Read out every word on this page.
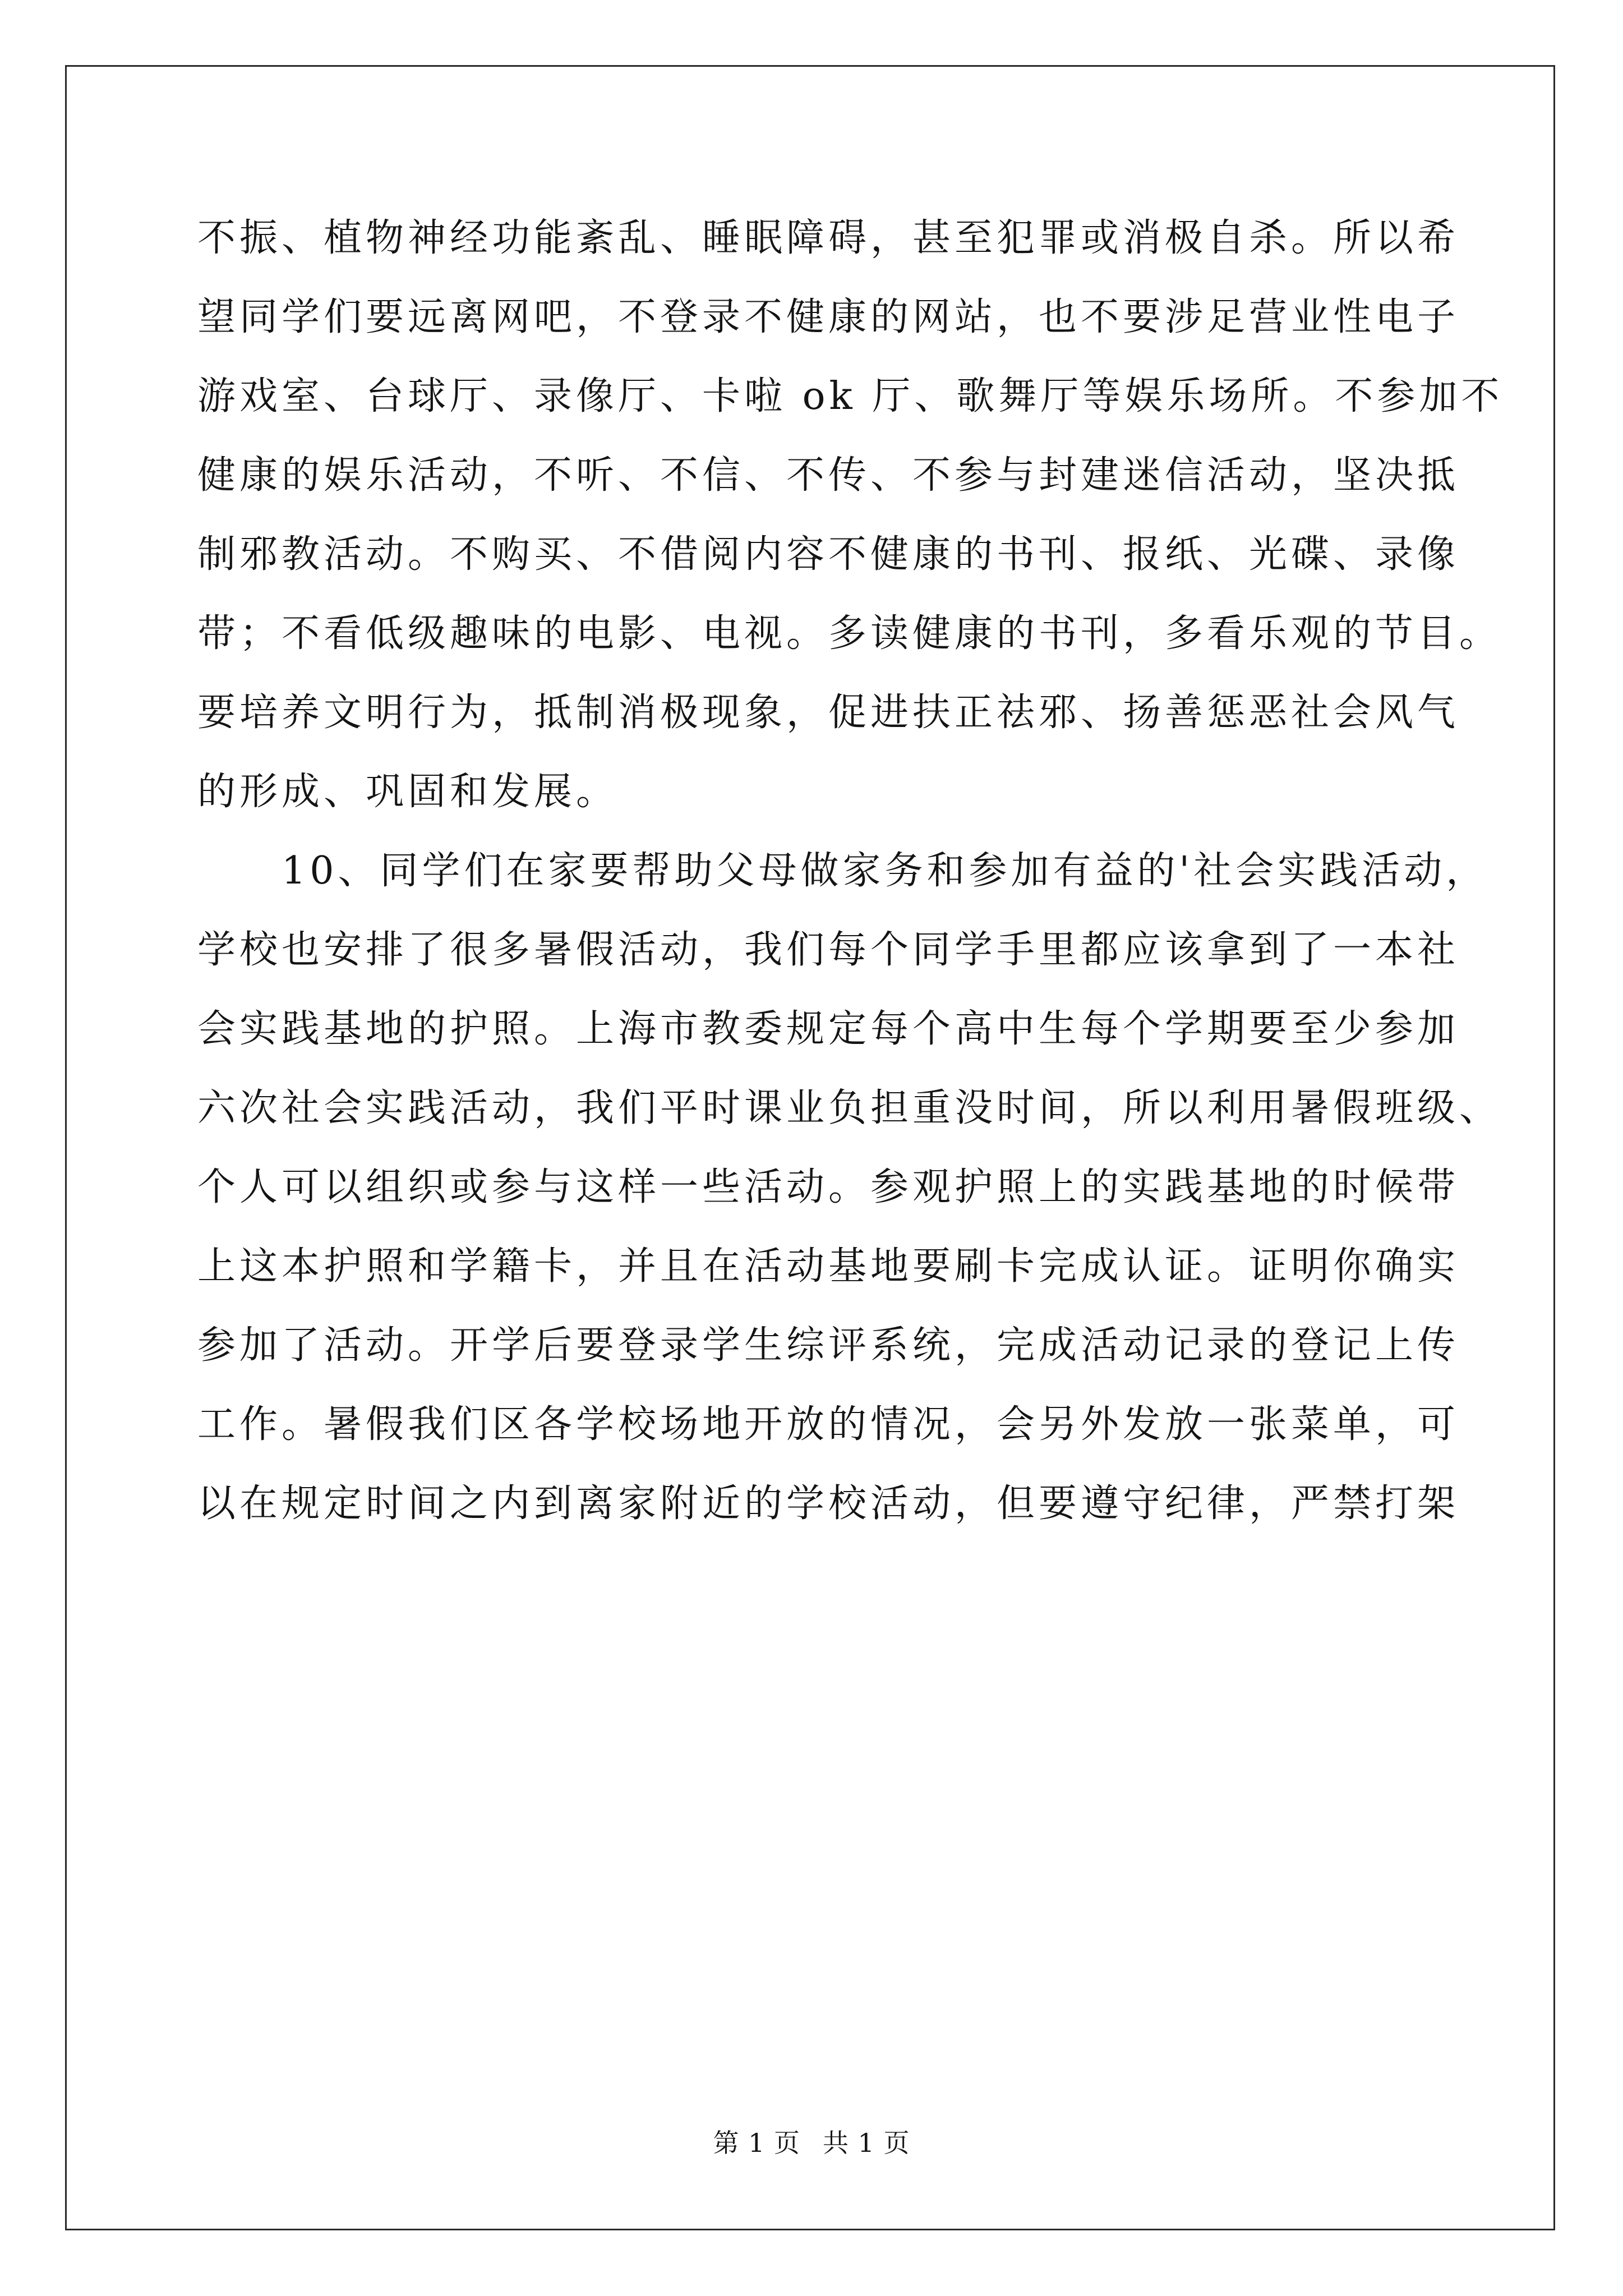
不振、植物神经功能紊乱、睡眠障碍，甚至犯罪或消极自杀。所以希
望同学们要远离网吧，不登录不健康的网站，也不要涉足营业性电子
游戏室、台球厅、录像厅、卡啦 ok 厅、歌舞厅等娱乐场所。不参加不
健康的娱乐活动，不听、不信、不传、不参与封建迷信活动，坚决抵
制邪教活动。不购买、不借阅内容不健康的书刊、报纸、光碟、录像
带；不看低级趣味的电影、电视。多读健康的书刊，多看乐观的节目。
要培养文明行为，抵制消极现象，促进扶正祛邪、扬善惩恶社会风气
的形成、巩固和发展。
　　10、同学们在家要帮助父母做家务和参加有益的'社会实践活动，
学校也安排了很多暑假活动，我们每个同学手里都应该拿到了一本社
会实践基地的护照。上海市教委规定每个高中生每个学期要至少参加
六次社会实践活动，我们平时课业负担重没时间，所以利用暑假班级、
个人可以组织或参与这样一些活动。参观护照上的实践基地的时候带
上这本护照和学籍卡，并且在活动基地要刷卡完成认证。证明你确实
参加了活动。开学后要登录学生综评系统，完成活动记录的登记上传
工作。暑假我们区各学校场地开放的情况，会另外发放一张菜单，可
以在规定时间之内到离家附近的学校活动，但要遵守纪律，严禁打架
第 1 页 共 1 页
